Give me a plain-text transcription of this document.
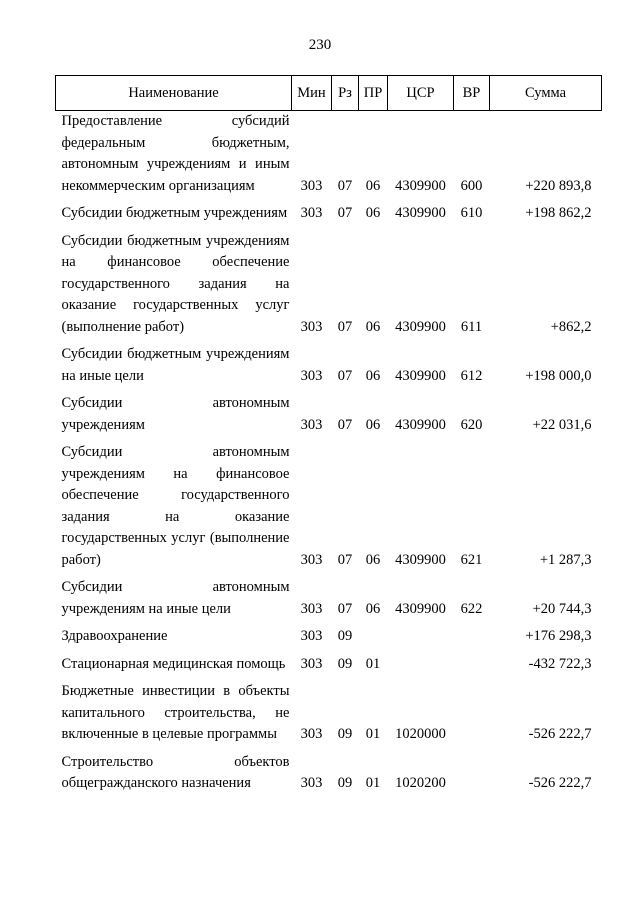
230
Наименование	Мин	Рз	ПР	ЦСР	ВР	Сумма
Предоставление субсидий федеральным бюджетным, автономным учреждениям и иным некоммерческим организациям	303	07	06	4309900	600	+220 893,8

Субсидии бюджетным учреждениям	303	07	06	4309900	610	+198 862,2

Субсидии бюджетным учреждениям на финансовое обеспечение государственного задания на оказание государственных услуг (выполнение работ)	303	07	06	4309900	611	+862,2

Субсидии бюджетным учреждениям на иные цели	303	07	06	4309900	612	+198 000,0

Субсидии автономным учреждениям	303	07	06	4309900	620	+22 031,6

Субсидии автономным учреждениям на финансовое обеспечение государственного задания на оказание государственных услуг (выполнение работ)	303	07	06	4309900	621	+1 287,3

Субсидии автономным учреждениям на иные цели	303	07	06	4309900	622	+20 744,3

Здравоохранение	303	09				+176 298,3

Стационарная медицинская помощь	303	09	01			-432 722,3

Бюджетные инвестиции в объекты капитального строительства, не включенные в целевые программы	303	09	01	1020000		-526 222,7

Строительство объектов общегражданского назначения	303	09	01	1020200		-526 222,7
